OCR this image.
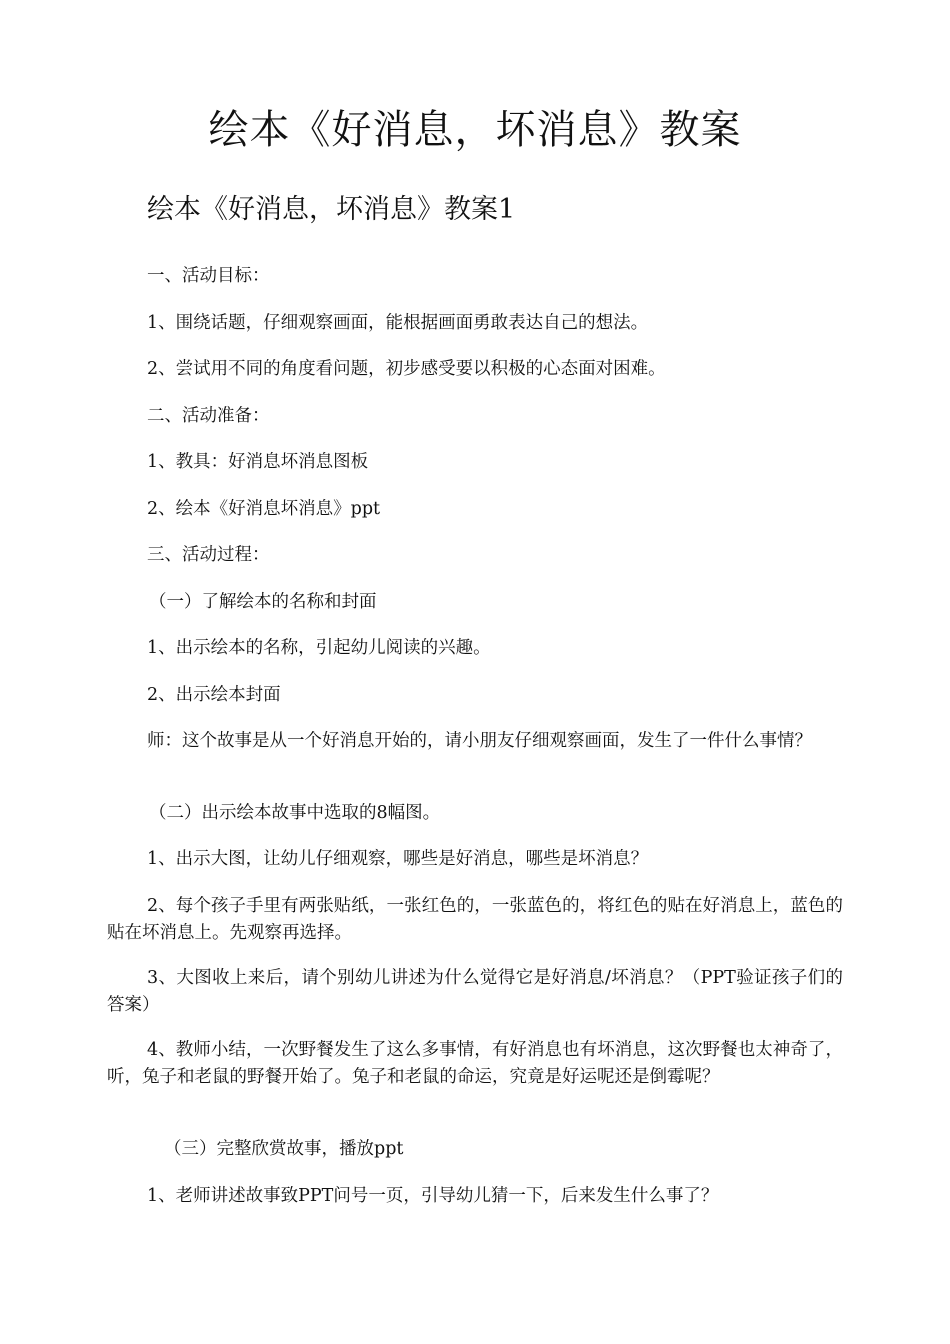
绘本《好消息，坏消息》教案
绘本《好消息，坏消息》教案1

一、活动目标：

1、围绕话题，仔细观察画面，能根据画面勇敢表达自己的想法。

2、尝试用不同的角度看问题，初步感受要以积极的心态面对困难。

二、活动准备：

1、教具：好消息坏消息图板

2、绘本《好消息坏消息》ppt

三、活动过程：

（一）了解绘本的名称和封面

1、出示绘本的名称，引起幼儿阅读的兴趣。

2、出示绘本封面

师：这个故事是从一个好消息开始的，请小朋友仔细观察画面，发生了一件什么事情？

（二）出示绘本故事中选取的8幅图。

1、出示大图，让幼儿仔细观察，哪些是好消息，哪些是坏消息？

2、每个孩子手里有两张贴纸，一张红色的，一张蓝色的，将红色的贴在好消息上，蓝色的贴在坏消息上。先观察再选择。

3、大图收上来后，请个别幼儿讲述为什么觉得它是好消息/坏消息？（PPT验证孩子们的答案）

4、教师小结，一次野餐发生了这么多事情，有好消息也有坏消息，这次野餐也太神奇了，听，兔子和老鼠的野餐开始了。兔子和老鼠的命运，究竟是好运呢还是倒霉呢？

（三）完整欣赏故事，播放ppt

1、老师讲述故事致PPT问号一页，引导幼儿猜一下，后来发生什么事了？
